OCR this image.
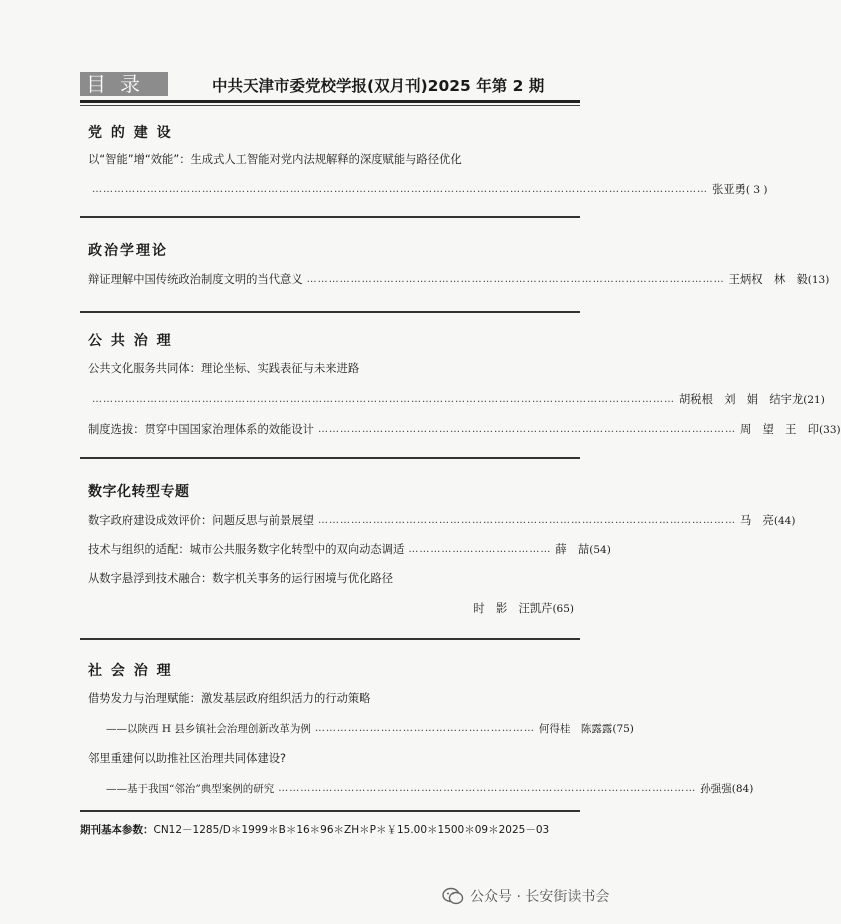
目录	中共天津市委党校学报(双月刊)2025 年第 2 期
党 的 建 设
以“智能”增“效能”：生成式人工智能对党内法规解释的深度赋能与路径优化
…………………………………………………………………………………………………………………………………………………… 张亚勇( 3 )
政治学理论
辩证理解中国传统政治制度文明的当代意义 …………………………………………………………………………………………………… 王炳权　林　毅(13)
公 共 治 理
公共文化服务共同体：理论坐标、实践表征与未来进路
…………………………………………………………………………………………………………………………………………… 胡税根　刘　娟　结宇龙(21)
制度选拔：贯穿中国国家治理体系的效能设计 …………………………………………………………………………………………………… 周　望　王　印(33)
数字化转型专题
数字政府建设成效评价：问题反思与前景展望 …………………………………………………………………………………………………… 马　亮(44)
技术与组织的适配：城市公共服务数字化转型中的双向动态调适 ………………………………… 薛　喆(54)
从数字悬浮到技术融合：数字机关事务的运行困境与优化路径
时　影　汪凯芹(65)
社 会 治 理
借势发力与治理赋能：激发基层政府组织活力的行动策略
——以陕西 H 县乡镇社会治理创新改革为例 …………………………………………………… 何得桂　陈露露(75)
邻里重建何以助推社区治理共同体建设?
——基于我国“邻治”典型案例的研究 …………………………………………………………………………………………………… 孙强强(84)
期刊基本参数：CN12－1285/D＊1999＊B＊16＊96＊ZH＊P＊￥15.00＊1500＊09＊2025－03
公众号 · 长安街读书会
